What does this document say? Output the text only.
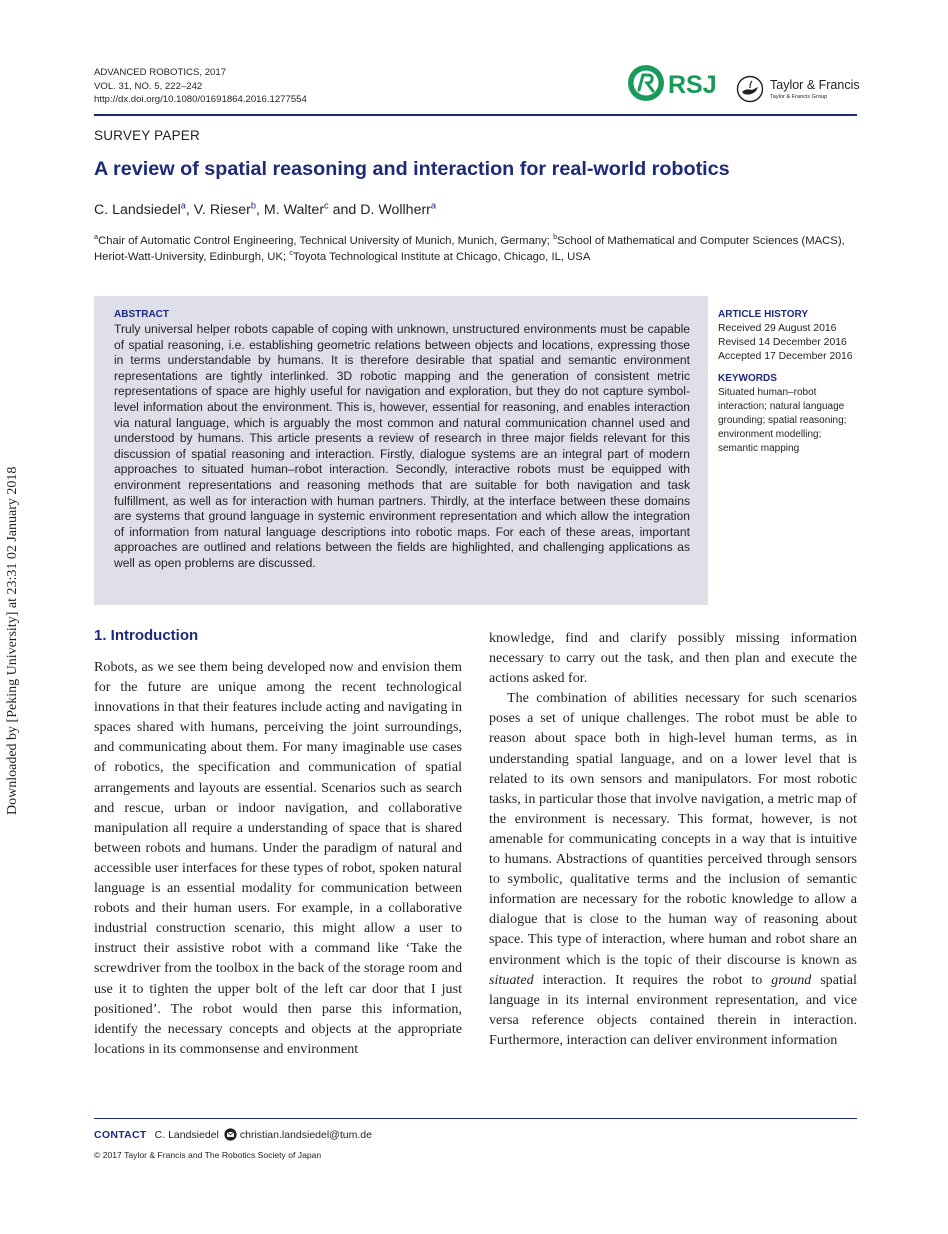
ADVANCED ROBOTICS, 2017
VOL. 31, NO. 5, 222–242
http://dx.doi.org/10.1080/01691864.2016.1277554
RSJ	Taylor & Francis
Taylor & Francis Group
SURVEY PAPER
A review of spatial reasoning and interaction for real-world robotics
C. Landsiedel$^a$, V. Rieser$^b$, M. Walter$^c$ and D. Wollherr$^a$
$^a$Chair of Automatic Control Engineering, Technical University of Munich, Munich, Germany; $^b$School of Mathematical and Computer Sciences (MACS), Heriot-Watt-University, Edinburgh, UK; $^c$Toyota Technological Institute at Chicago, Chicago, IL, USA
ABSTRACT

Truly universal helper robots capable of coping with unknown, unstructured environments must be capable of spatial reasoning, i.e. establishing geometric relations between objects and locations, expressing those in terms understandable by humans. It is therefore desirable that spatial and semantic environment representations are tightly interlinked. 3D robotic mapping and the generation of consistent metric representations of space are highly useful for navigation and exploration, but they do not capture symbol-level information about the environment. This is, however, essential for reasoning, and enables interaction via natural language, which is arguably the most common and natural communication channel used and understood by humans. This article presents a review of research in three major fields relevant for this discussion of spatial reasoning and interaction. Firstly, dialogue systems are an integral part of modern approaches to situated human–robot interaction. Secondly, interactive robots must be equipped with environment representations and reasoning methods that are suitable for both navigation and task fulfillment, as well as for interaction with human partners. Thirdly, at the interface between these domains are systems that ground language in systemic environment representation and which allow the integration of information from natural language descriptions into robotic maps. For each of these areas, important approaches are outlined and relations between the fields are highlighted, and challenging applications as well as open problems are discussed.

ARTICLE HISTORY
Received 29 August 2016
Revised 14 December 2016
Accepted 17 December 2016
KEYWORDS
Situated human–robot interaction; natural language grounding; spatial reasoning; environment modelling; semantic mapping
1. Introduction

Robots, as we see them being developed now and envision them for the future are unique among the recent technological innovations in that their features include acting and navigating in spaces shared with humans, perceiving the joint surroundings, and communicating about them. For many imaginable use cases of robotics, the specification and communication of spatial arrangements and layouts are essential. Scenarios such as search and rescue, urban or indoor navigation, and collaborative manipulation all require a understanding of space that is shared between robots and humans. Under the paradigm of natural and accessible user interfaces for these types of robot, spoken natural language is an essential modality for communication between robots and their human users. For example, in a collaborative industrial construction scenario, this might allow a user to instruct their assistive robot with a command like ‘Take the screwdriver from the toolbox in the back of the storage room and use it to tighten the upper bolt of the left car door that I just positioned’. The robot would then parse this information, identify the necessary concepts and objects at the appropriate locations in its commonsense and environment

knowledge, find and clarify possibly missing information necessary to carry out the task, and then plan and execute the actions asked for.

The combination of abilities necessary for such scenarios poses a set of unique challenges. The robot must be able to reason about space both in high-level human terms, as in understanding spatial language, and on a lower level that is related to its own sensors and manipulators. For most robotic tasks, in particular those that involve navigation, a metric map of the environment is necessary. This format, however, is not amenable for communicating concepts in a way that is intuitive to humans. Abstractions of quantities perceived through sensors to symbolic, qualitative terms and the inclusion of semantic information are necessary for the robotic knowledge to allow a dialogue that is close to the human way of reasoning about space. This type of interaction, where human and robot share an environment which is the topic of their discourse is known as situated interaction. It requires the robot to ground spatial language in its internal environment representation, and vice versa reference objects contained therein in interaction. Furthermore, interaction can deliver environment information

CONTACT C. Landsiedel christian.landsiedel@tum.de
© 2017 Taylor & Francis and The Robotics Society of Japan
Downloaded by [Peking University] at 23:31 02 January 2018
